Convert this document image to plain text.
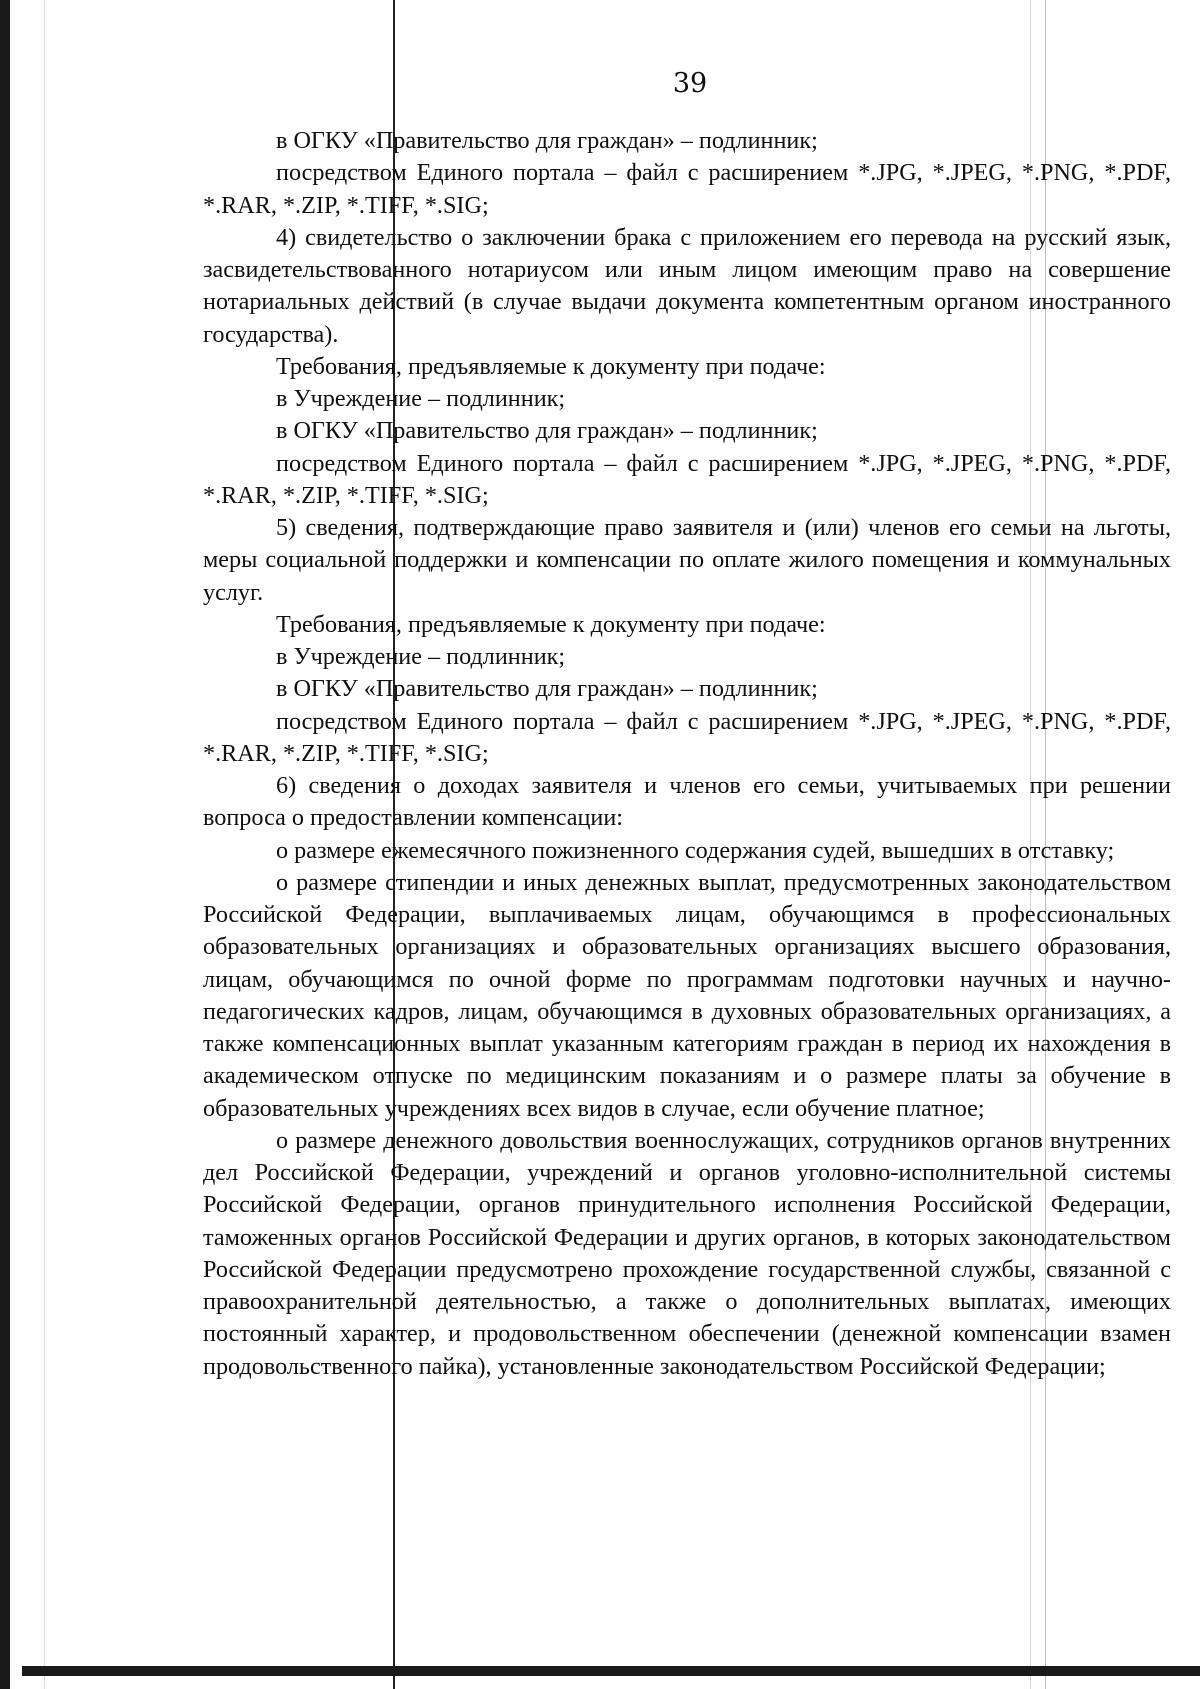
39

в ОГКУ «Правительство для граждан» – подлинник;

посредством Единого портала – файл с расширением *.JPG, *.JPEG, *.PNG, *.PDF, *.RAR, *.ZIP, *.TIFF, *.SIG;

4) свидетельство о заключении брака с приложением его перевода на русский язык, засвидетельствованного нотариусом или иным лицом имеющим право на совершение нотариальных действий (в случае выдачи документа компетентным органом иностранного государства).

Требования, предъявляемые к документу при подаче:

в Учреждение – подлинник;

в ОГКУ «Правительство для граждан» – подлинник;

посредством Единого портала – файл с расширением *.JPG, *.JPEG, *.PNG, *.PDF, *.RAR, *.ZIP, *.TIFF, *.SIG;

5) сведения, подтверждающие право заявителя и (или) членов его семьи на льготы, меры социальной поддержки и компенсации по оплате жилого помещения и коммунальных услуг.

Требования, предъявляемые к документу при подаче:

в Учреждение – подлинник;

в ОГКУ «Правительство для граждан» – подлинник;

посредством Единого портала – файл с расширением *.JPG, *.JPEG, *.PNG, *.PDF, *.RAR, *.ZIP, *.TIFF, *.SIG;

6) сведения о доходах заявителя и членов его семьи, учитываемых при решении вопроса о предоставлении компенсации:

о размере ежемесячного пожизненного содержания судей, вышедших в отставку;

о размере стипендии и иных денежных выплат, предусмотренных законодательством Российской Федерации, выплачиваемых лицам, обучающимся в профессиональных образовательных организациях и образовательных организациях высшего образования, лицам, обучающимся по очной форме по программам подготовки научных и научно-педагогических кадров, лицам, обучающимся в духовных образовательных организациях, а также компенсационных выплат указанным категориям граждан в период их нахождения в академическом отпуске по медицинским показаниям и о размере платы за обучение в образовательных учреждениях всех видов в случае, если обучение платное;

о размере денежного довольствия военнослужащих, сотрудников органов внутренних дел Российской Федерации, учреждений и органов уголовно-исполнительной системы Российской Федерации, органов принудительного исполнения Российской Федерации, таможенных органов Российской Федерации и других органов, в которых законодательством Российской Федерации предусмотрено прохождение государственной службы, связанной с правоохранительной деятельностью, а также о дополнительных выплатах, имеющих постоянный характер, и продовольственном обеспечении (денежной компенсации взамен продовольственного пайка), установленные законодательством Российской Федерации;
